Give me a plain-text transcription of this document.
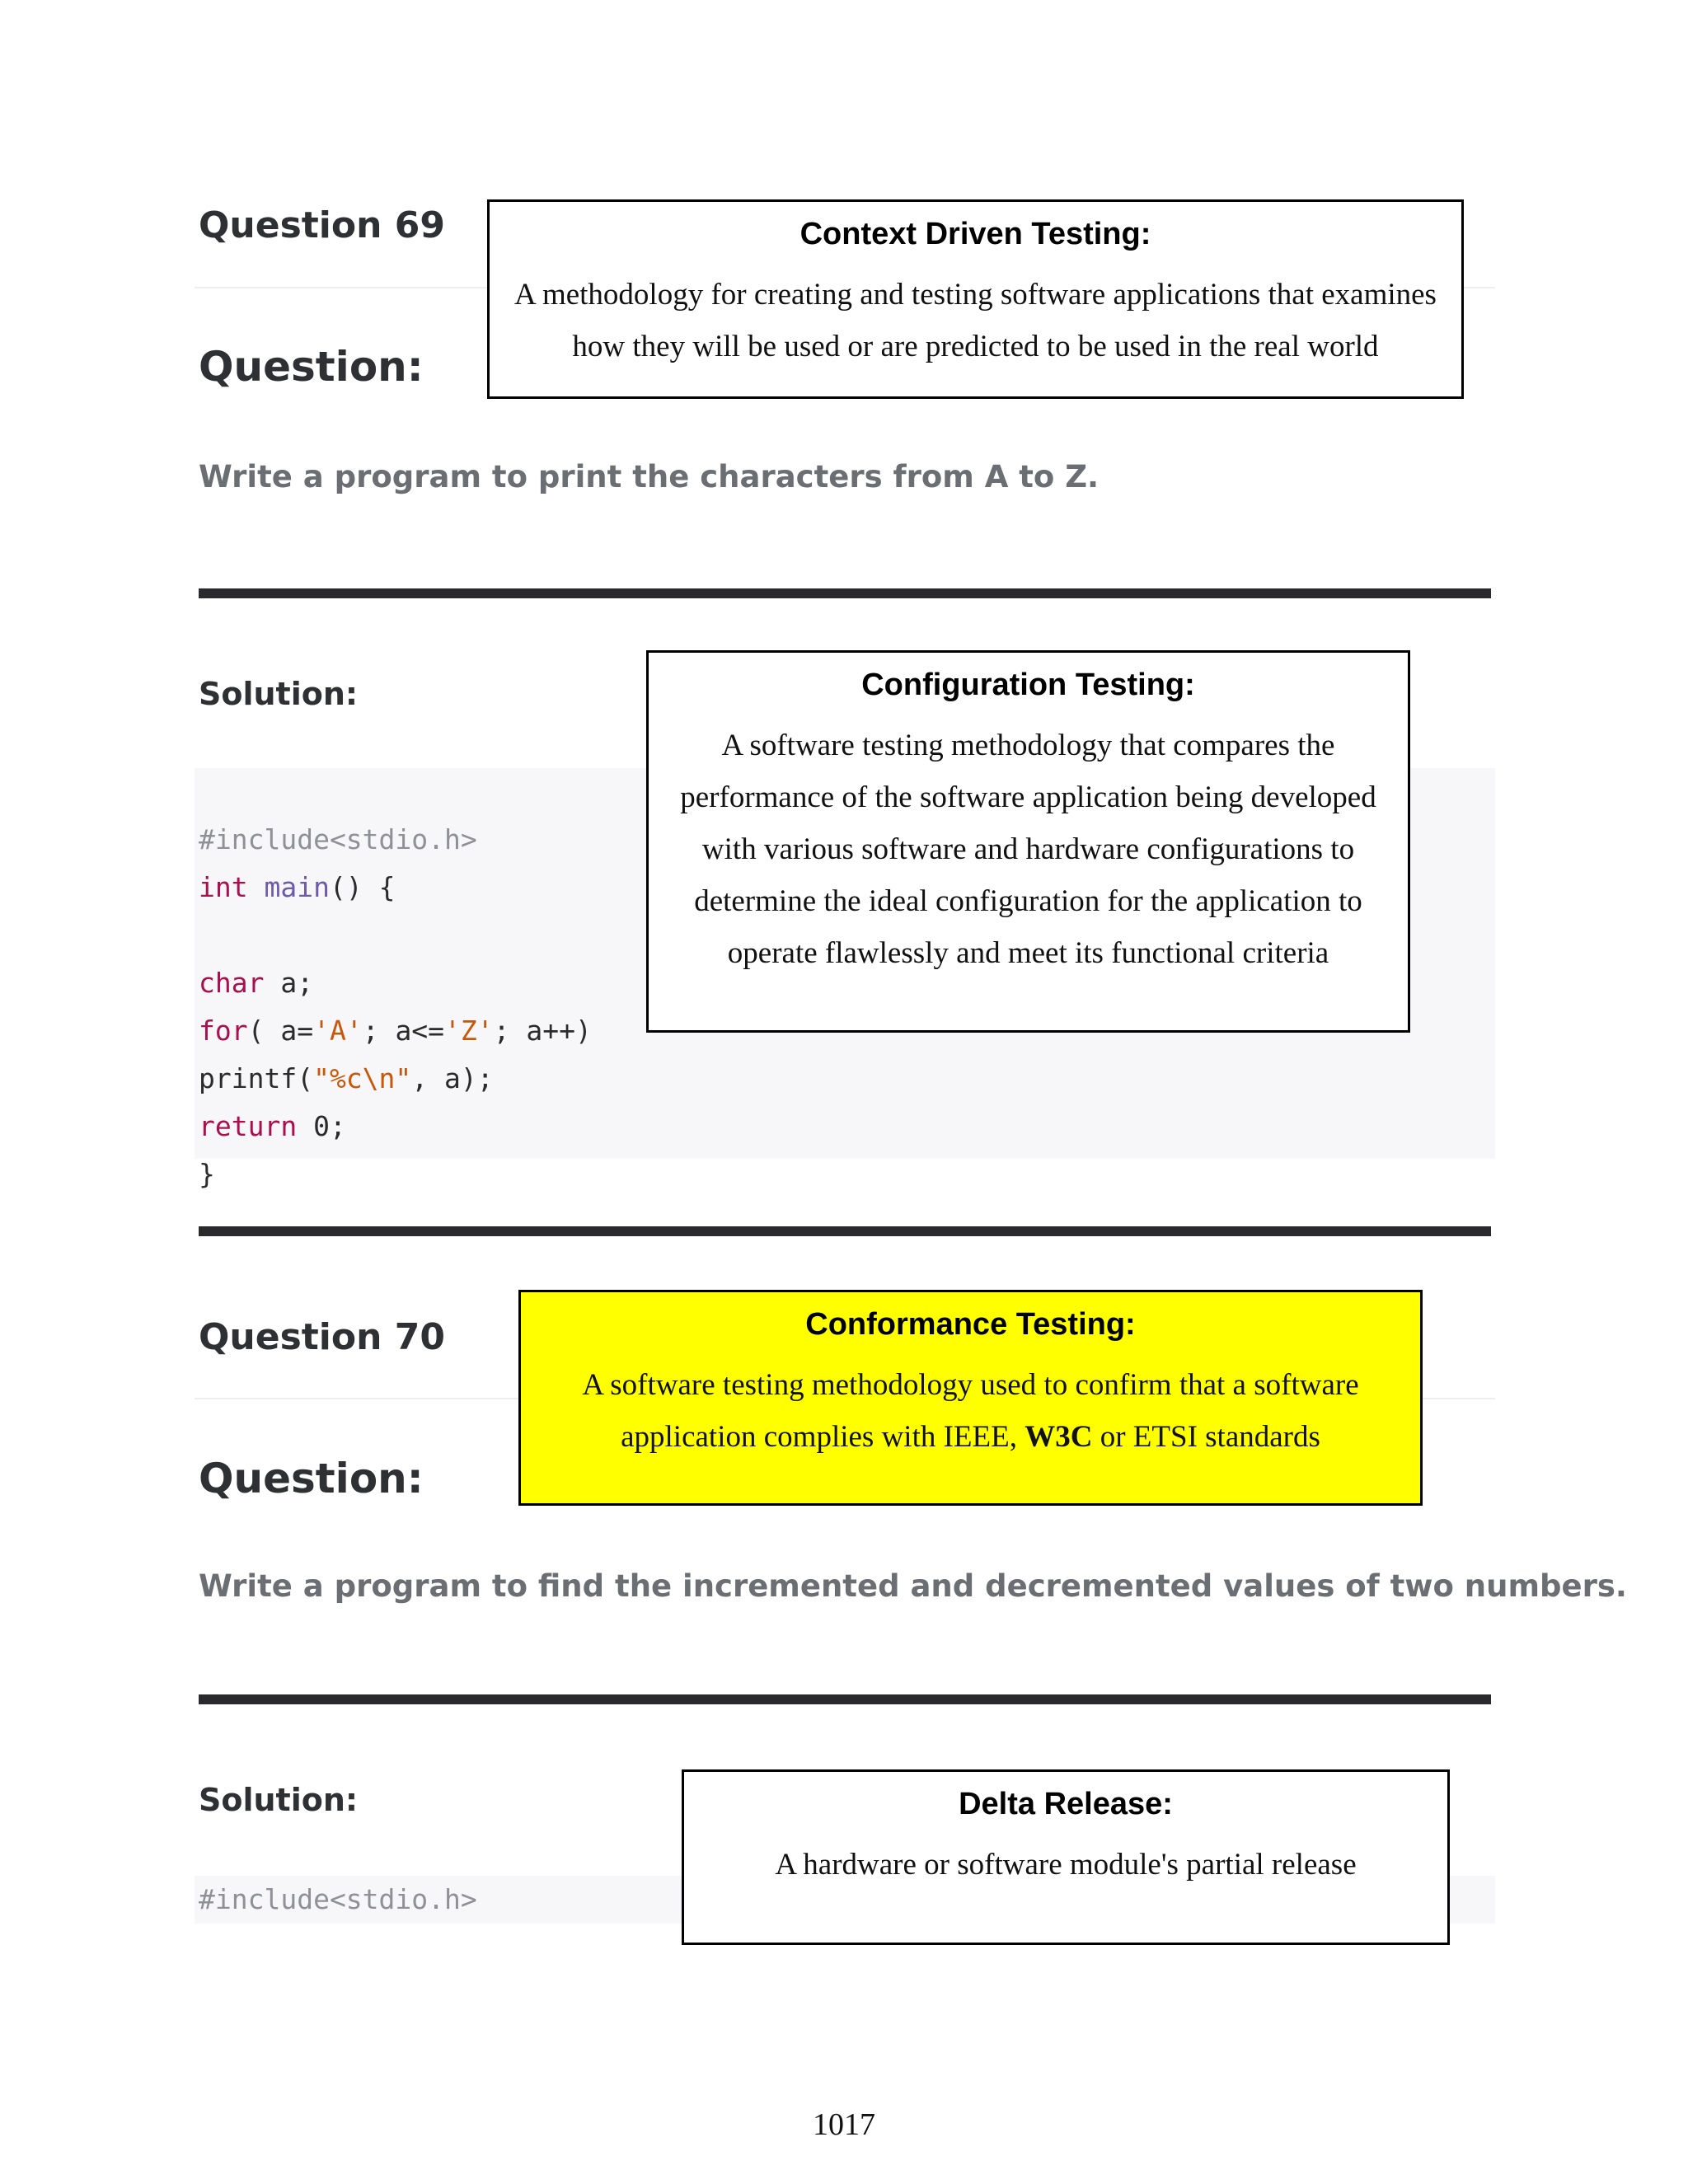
Question 69
Question:
Write a program to print the characters from A to Z.
Solution:

#include<stdio.h>
int main() {

char a;
for( a='A'; a<='Z'; a++)
printf("%c\n", a);
return 0;
}

Question 70
Question:
Write a program to find the incremented and decremented values of two numbers.
Solution:
#include<stdio.h>
Context Driven Testing:
A methodology for creating and testing software applications that examines
how they will be used or are predicted to be used in the real world
Configuration Testing:
A software testing methodology that compares the
performance of the software application being developed
with various software and hardware configurations to
determine the ideal configuration for the application to
operate flawlessly and meet its functional criteria
Conformance Testing:
A software testing methodology used to confirm that a software
application complies with IEEE, W3C or ETSI standards
Delta Release:
A hardware or software module's partial release
1017
